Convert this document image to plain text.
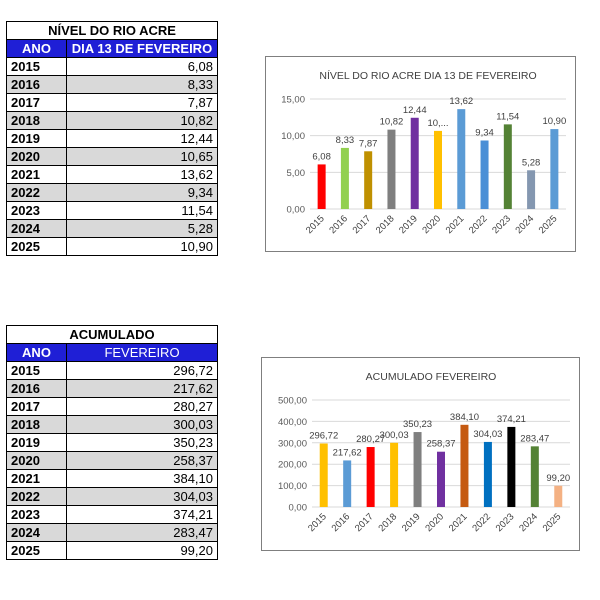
NÍVEL DO RIO ACRE	
ANO	DIA 13 DE FEVEREIRO
2015	6,08
2016	8,33
2017	7,87
2018	10,82
2019	12,44
2020	10,65
2021	13,62
2022	9,34
2023	11,54
2024	5,28
2025	10,90
ACUMULADO	
ANO	FEVEREIRO
2015	296,72
2016	217,62
2017	280,27
2018	300,03
2019	350,23
2020	258,37
2021	384,10
2022	304,03
2023	374,21
2024	283,47
2025	99,20
NÍVEL DO RIO ACRE DIA 13 DE FEVEREIRO
0,00
5,00
10,00
15,00
6,08
2015
8,33
2016
7,87
2017
10,82
2018
12,44
2019
10,...
2020
13,62
2021
9,34
2022
11,54
2023
5,28
2024
10,90
2025
ACUMULADO FEVEREIRO
0,00
100,00
200,00
300,00
400,00
500,00
296,72
2015
217,62
2016
280,27
2017
300,03
2018
350,23
2019
258,37
2020
384,10
2021
304,03
2022
374,21
2023
283,47
2024
99,20
2025
